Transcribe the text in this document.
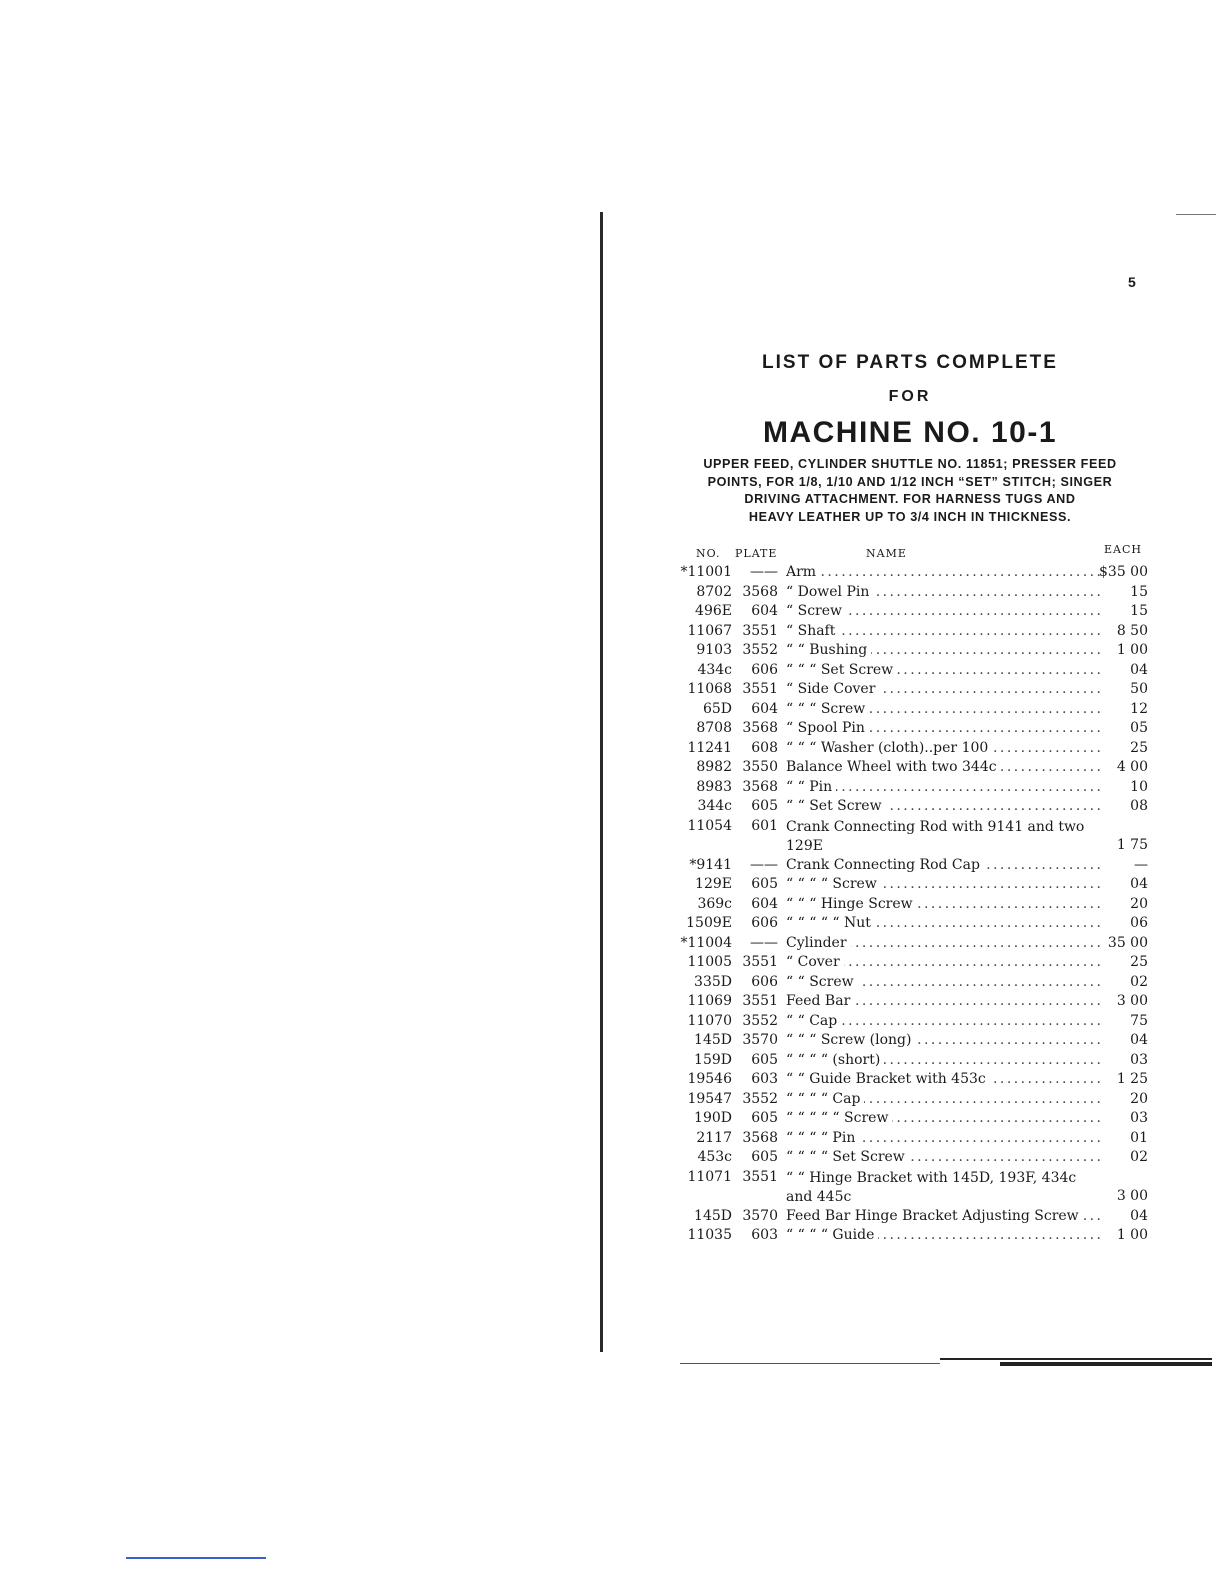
5
LIST OF PARTS COMPLETE
FOR
MACHINE NO. 10-1

UPPER FEED, CYLINDER SHUTTLE NO. 11851; PRESSER FEED

POINTS, FOR 1/8, 1/10 AND 1/12 INCH “SET” STITCH; SINGER

DRIVING ATTACHMENT. FOR HARNESS TUGS AND

HEAVY LEATHER UP TO 3/4 INCH IN THICKNESS.

NO. PLATE	NAME	EACH
*11001	—— Arm . . .	$35 00
8702 3568 “ Dowel Pin . . .	15
496E	604 “ Screw . . .	15
11067 3551 “ Shaft . . .	8 50
9103 3552 “ “ Bushing . . .	1 00
434c	606 “ “ “ Set Screw . . .	04
11068 3551 “ Side Cover . . .	50
65D	604 “ “ “ Screw . . .	12
8708 3568 “ Spool Pin . . .	05
11241	608 “ “ “ Washer (cloth)..per 100 . . .	25
8982 3550 Balance Wheel with two 344c . . .	4 00
8983 3568 “ “ Pin . . .	10
344c	605 “ “ Set Screw . . .	08
11054	601 Crank Connecting Rod with 9141 and two 129E	1 75
*9141	—— Crank Connecting Rod Cap . . .	—
129E	605 “ “ “ “ Screw . . .	04
369c	604 “ “ “ Hinge Screw . . .	20
1509E	606 “ “ “ “ “ Nut . . .	06
*11004	—— Cylinder . . .	35 00
11005 3551 “ Cover . . .	25
335D	606 “ “ Screw . . .	02
11069 3551 Feed Bar . . .	3 00
11070 3552 “ “ Cap . . .	75
145D 3570 “ “ “ Screw (long) . . .	04
159D	605 “ “ “ “ (short) . . .	03
19546	603 “ “ Guide Bracket with 453c . . .	1 25
19547 3552 “ “ “ “ Cap . . .	20
190D	605 “ “ “ “ “ Screw . . .	03
2117 3568 “ “ “ “ Pin . . .	01
453c	605 “ “ “ “ Set Screw . . .	02
11071 3551 “ “ Hinge Bracket with 145D, 193F, 434c and 445c	3 00
145D 3570 Feed Bar Hinge Bracket Adjusting Screw . . .	04
11035	603 “ “ “ “ Guide . . .	1 00
